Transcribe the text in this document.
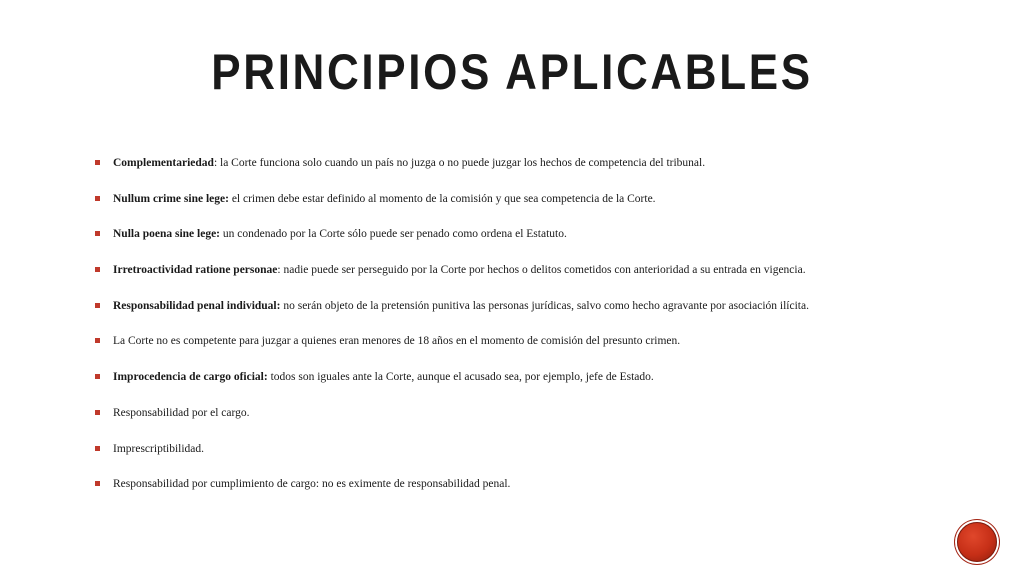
PRINCIPIOS APLICABLES
Complementariedad: la Corte funciona solo cuando un país no juzga o no puede juzgar los hechos de competencia del tribunal.
Nullum crime sine lege: el crimen debe estar definido al momento de la comisión y que sea competencia de la Corte.
Nulla poena sine lege: un condenado por la Corte sólo puede ser penado como ordena el Estatuto.
Irretroactividad ratione personae: nadie puede ser perseguido por la Corte por hechos o delitos cometidos con anterioridad a su entrada en vigencia.
Responsabilidad penal individual: no serán objeto de la pretensión punitiva las personas jurídicas, salvo como hecho agravante por asociación ilícita.
La Corte no es competente para juzgar a quienes eran menores de 18 años en el momento de comisión del presunto crimen.
Improcedencia de cargo oficial: todos son iguales ante la Corte, aunque el acusado sea, por ejemplo, jefe de Estado.
Responsabilidad por el cargo.
Imprescriptibilidad.
Responsabilidad por cumplimiento de cargo: no es eximente de responsabilidad penal.
